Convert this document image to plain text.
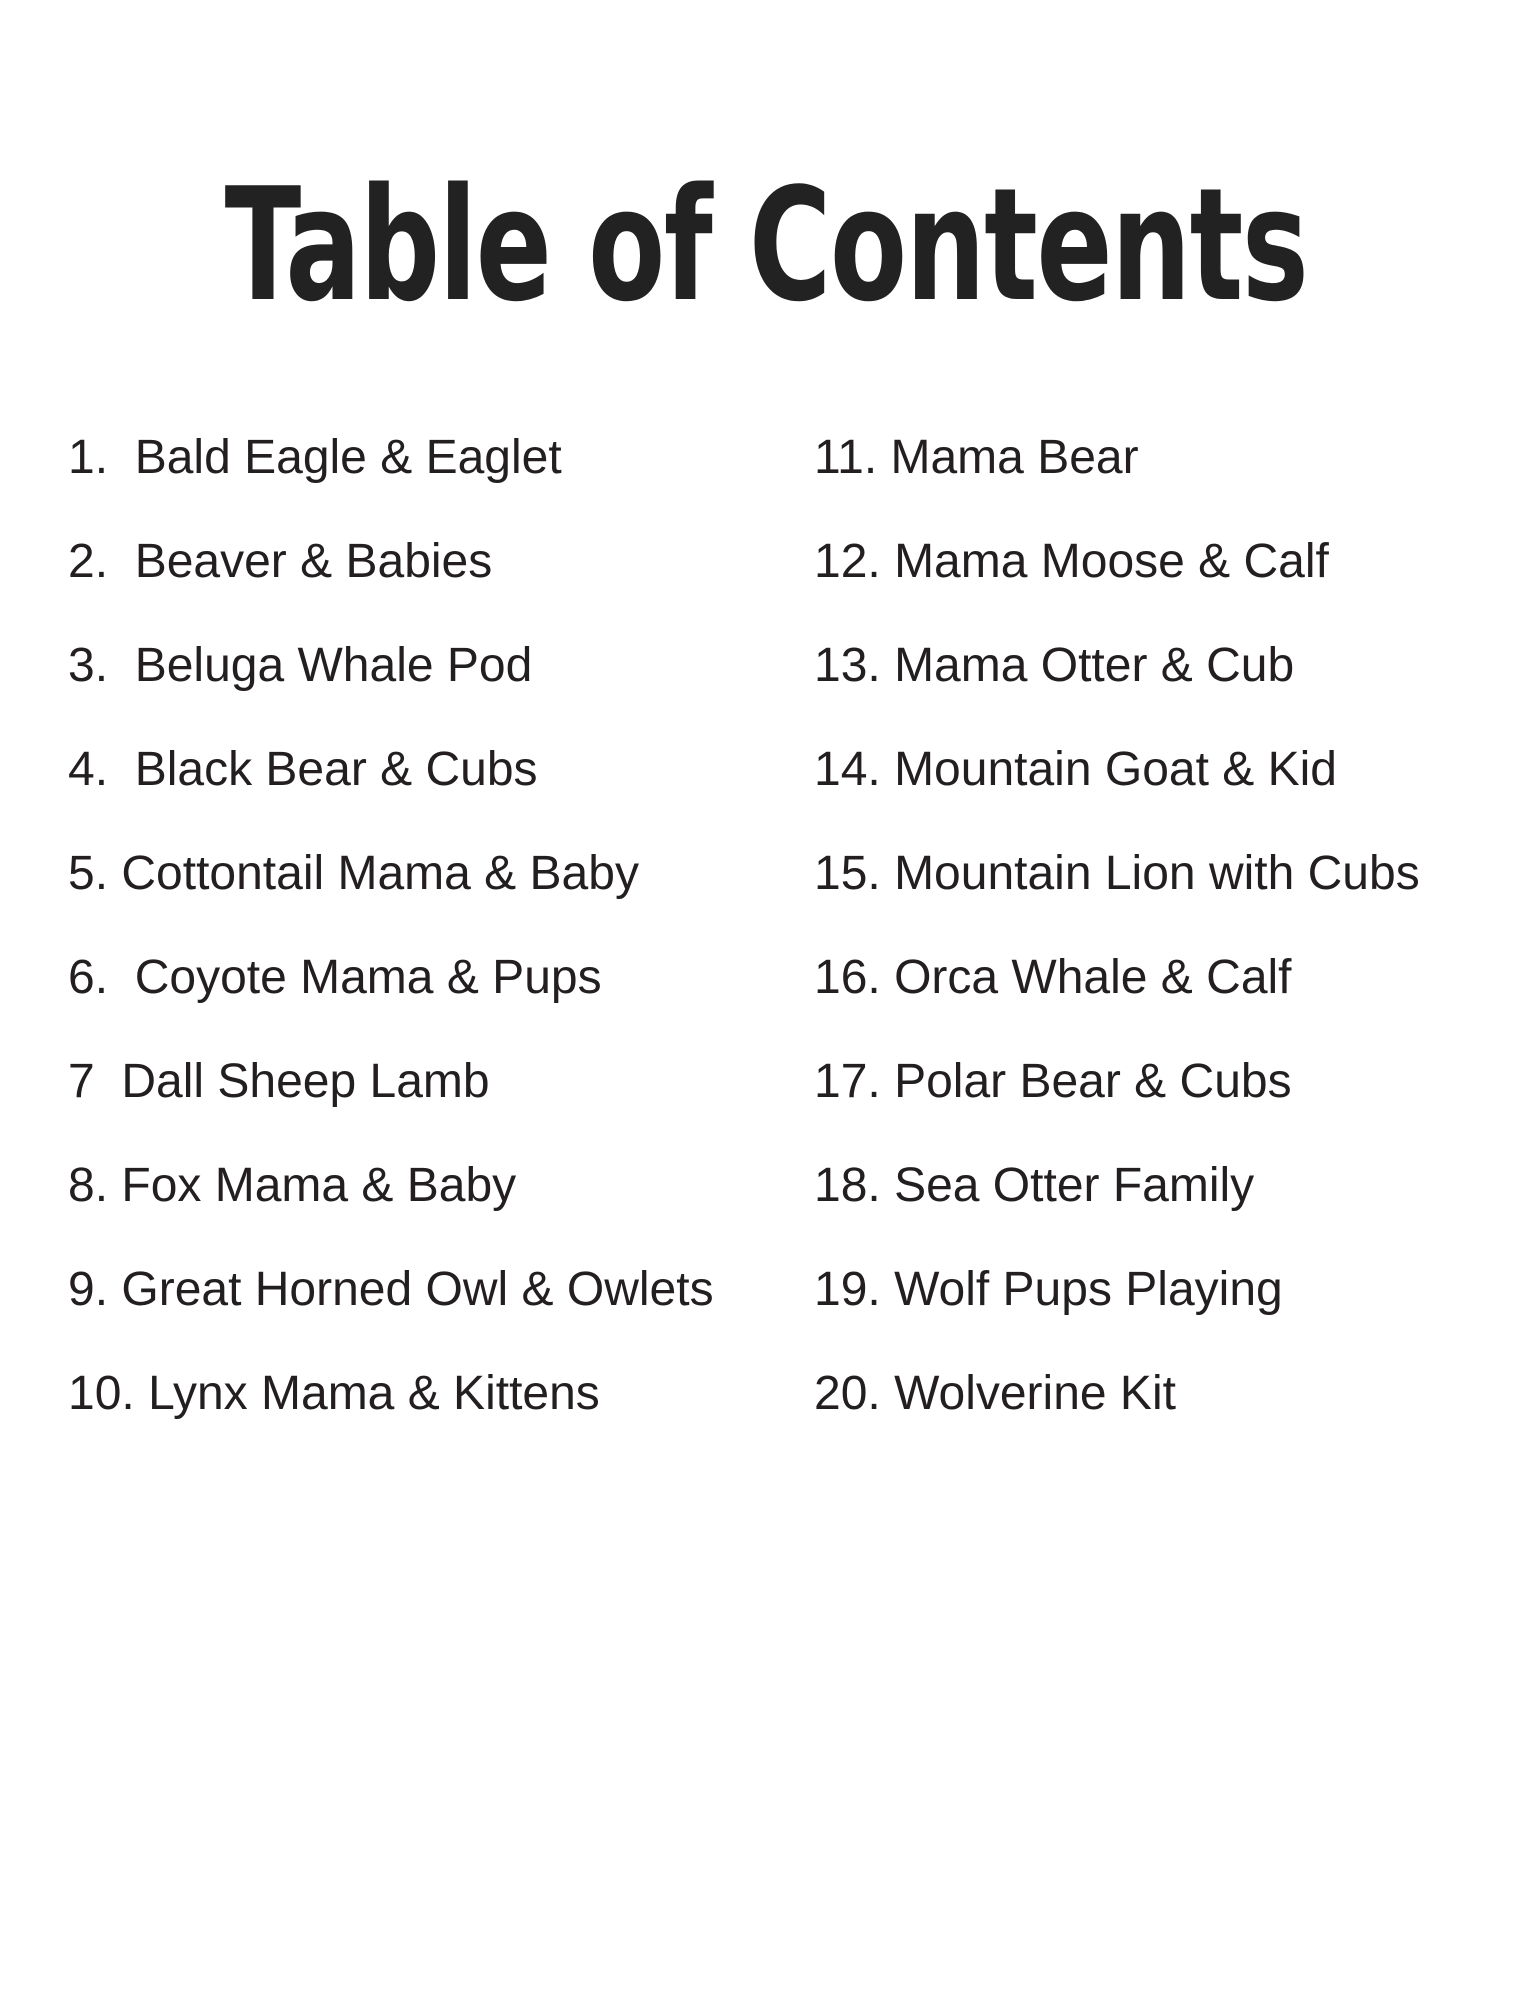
Table of Contents
1.  Bald Eagle & Eaglet
2.  Beaver & Babies
3.  Beluga Whale Pod
4.  Black Bear & Cubs
5. Cottontail Mama & Baby
6.  Coyote Mama & Pups
7  Dall Sheep Lamb
8. Fox Mama & Baby
9. Great Horned Owl & Owlets
10. Lynx Mama & Kittens
11. Mama Bear
12. Mama Moose & Calf
13. Mama Otter & Cub
14. Mountain Goat & Kid
15. Mountain Lion with Cubs
16. Orca Whale & Calf
17. Polar Bear & Cubs
18. Sea Otter Family
19. Wolf Pups Playing
20. Wolverine Kit
